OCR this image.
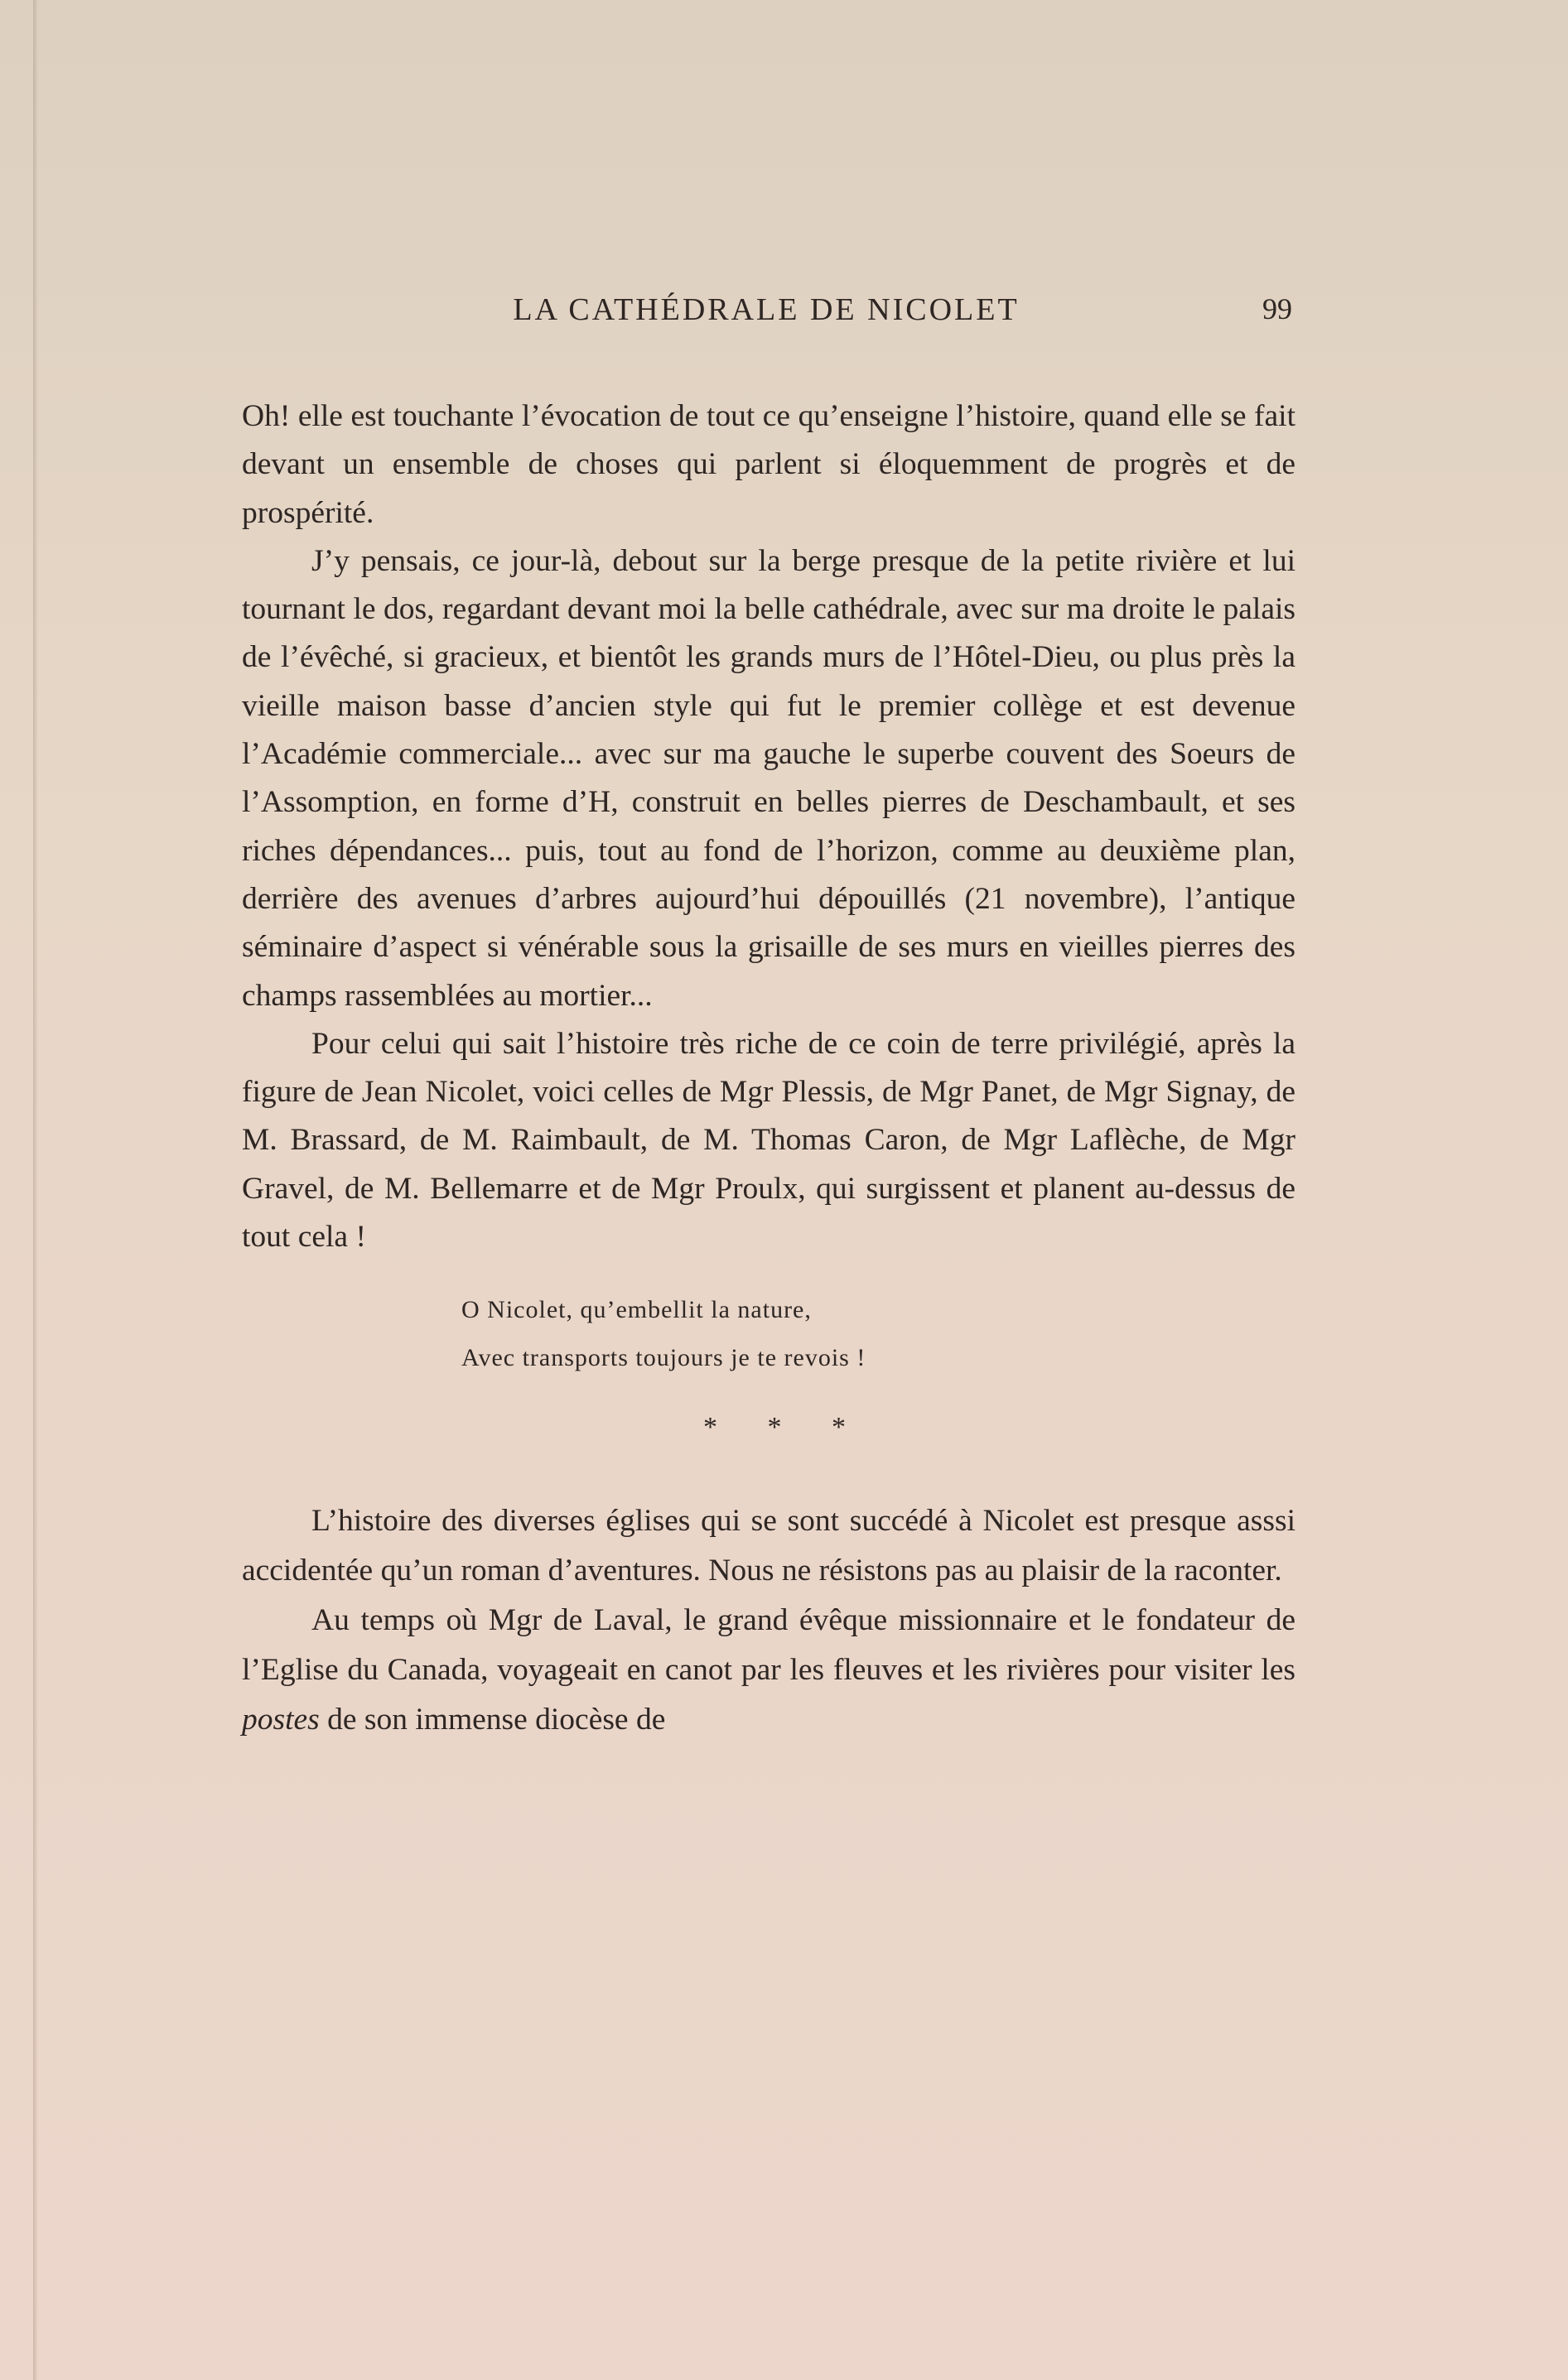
LA CATHÉDRALE DE NICOLET	99

Oh! elle est touchante l’évocation de tout ce qu’enseigne l’histoire, quand elle se fait devant un ensemble de choses qui parlent si éloquemment de progrès et de prospérité.

J’y pensais, ce jour-là, debout sur la berge presque de la petite rivière et lui tournant le dos, regardant devant moi la belle cathédrale, avec sur ma droite le palais de l’évêché, si gracieux, et bientôt les grands murs de l’Hôtel-Dieu, ou plus près la vieille maison basse d’ancien style qui fut le premier collège et est devenue l’Académie commerciale... avec sur ma gauche le superbe couvent des Soeurs de l’Assomption, en forme d’H, construit en belles pierres de Deschambault, et ses riches dépendances... puis, tout au fond de l’horizon, comme au deuxième plan, derrière des avenues d’arbres aujourd’hui dépouillés (21 novembre), l’antique séminaire d’aspect si vénérable sous la grisaille de ses murs en vieilles pierres des champs rassemblées au mortier...

Pour celui qui sait l’histoire très riche de ce coin de terre privilégié, après la figure de Jean Nicolet, voici celles de Mgr Plessis, de Mgr Panet, de Mgr Signay, de M. Brassard, de M. Raimbault, de M. Thomas Caron, de Mgr Laflèche, de Mgr Gravel, de M. Bellemarre et de Mgr Proulx, qui surgissent et planent au-dessus de tout cela !

O Nicolet, qu’embellit la nature,
Avec transports toujours je te revois !
* * *

L’histoire des diverses églises qui se sont succédé à Nicolet est presque asssi accidentée qu’un roman d’aventures. Nous ne résistons pas au plaisir de la raconter.

Au temps où Mgr de Laval, le grand évêque missionnaire et le fondateur de l’Eglise du Canada, voyageait en canot par les fleuves et les rivières pour visiter les postes de son immense diocèse de
